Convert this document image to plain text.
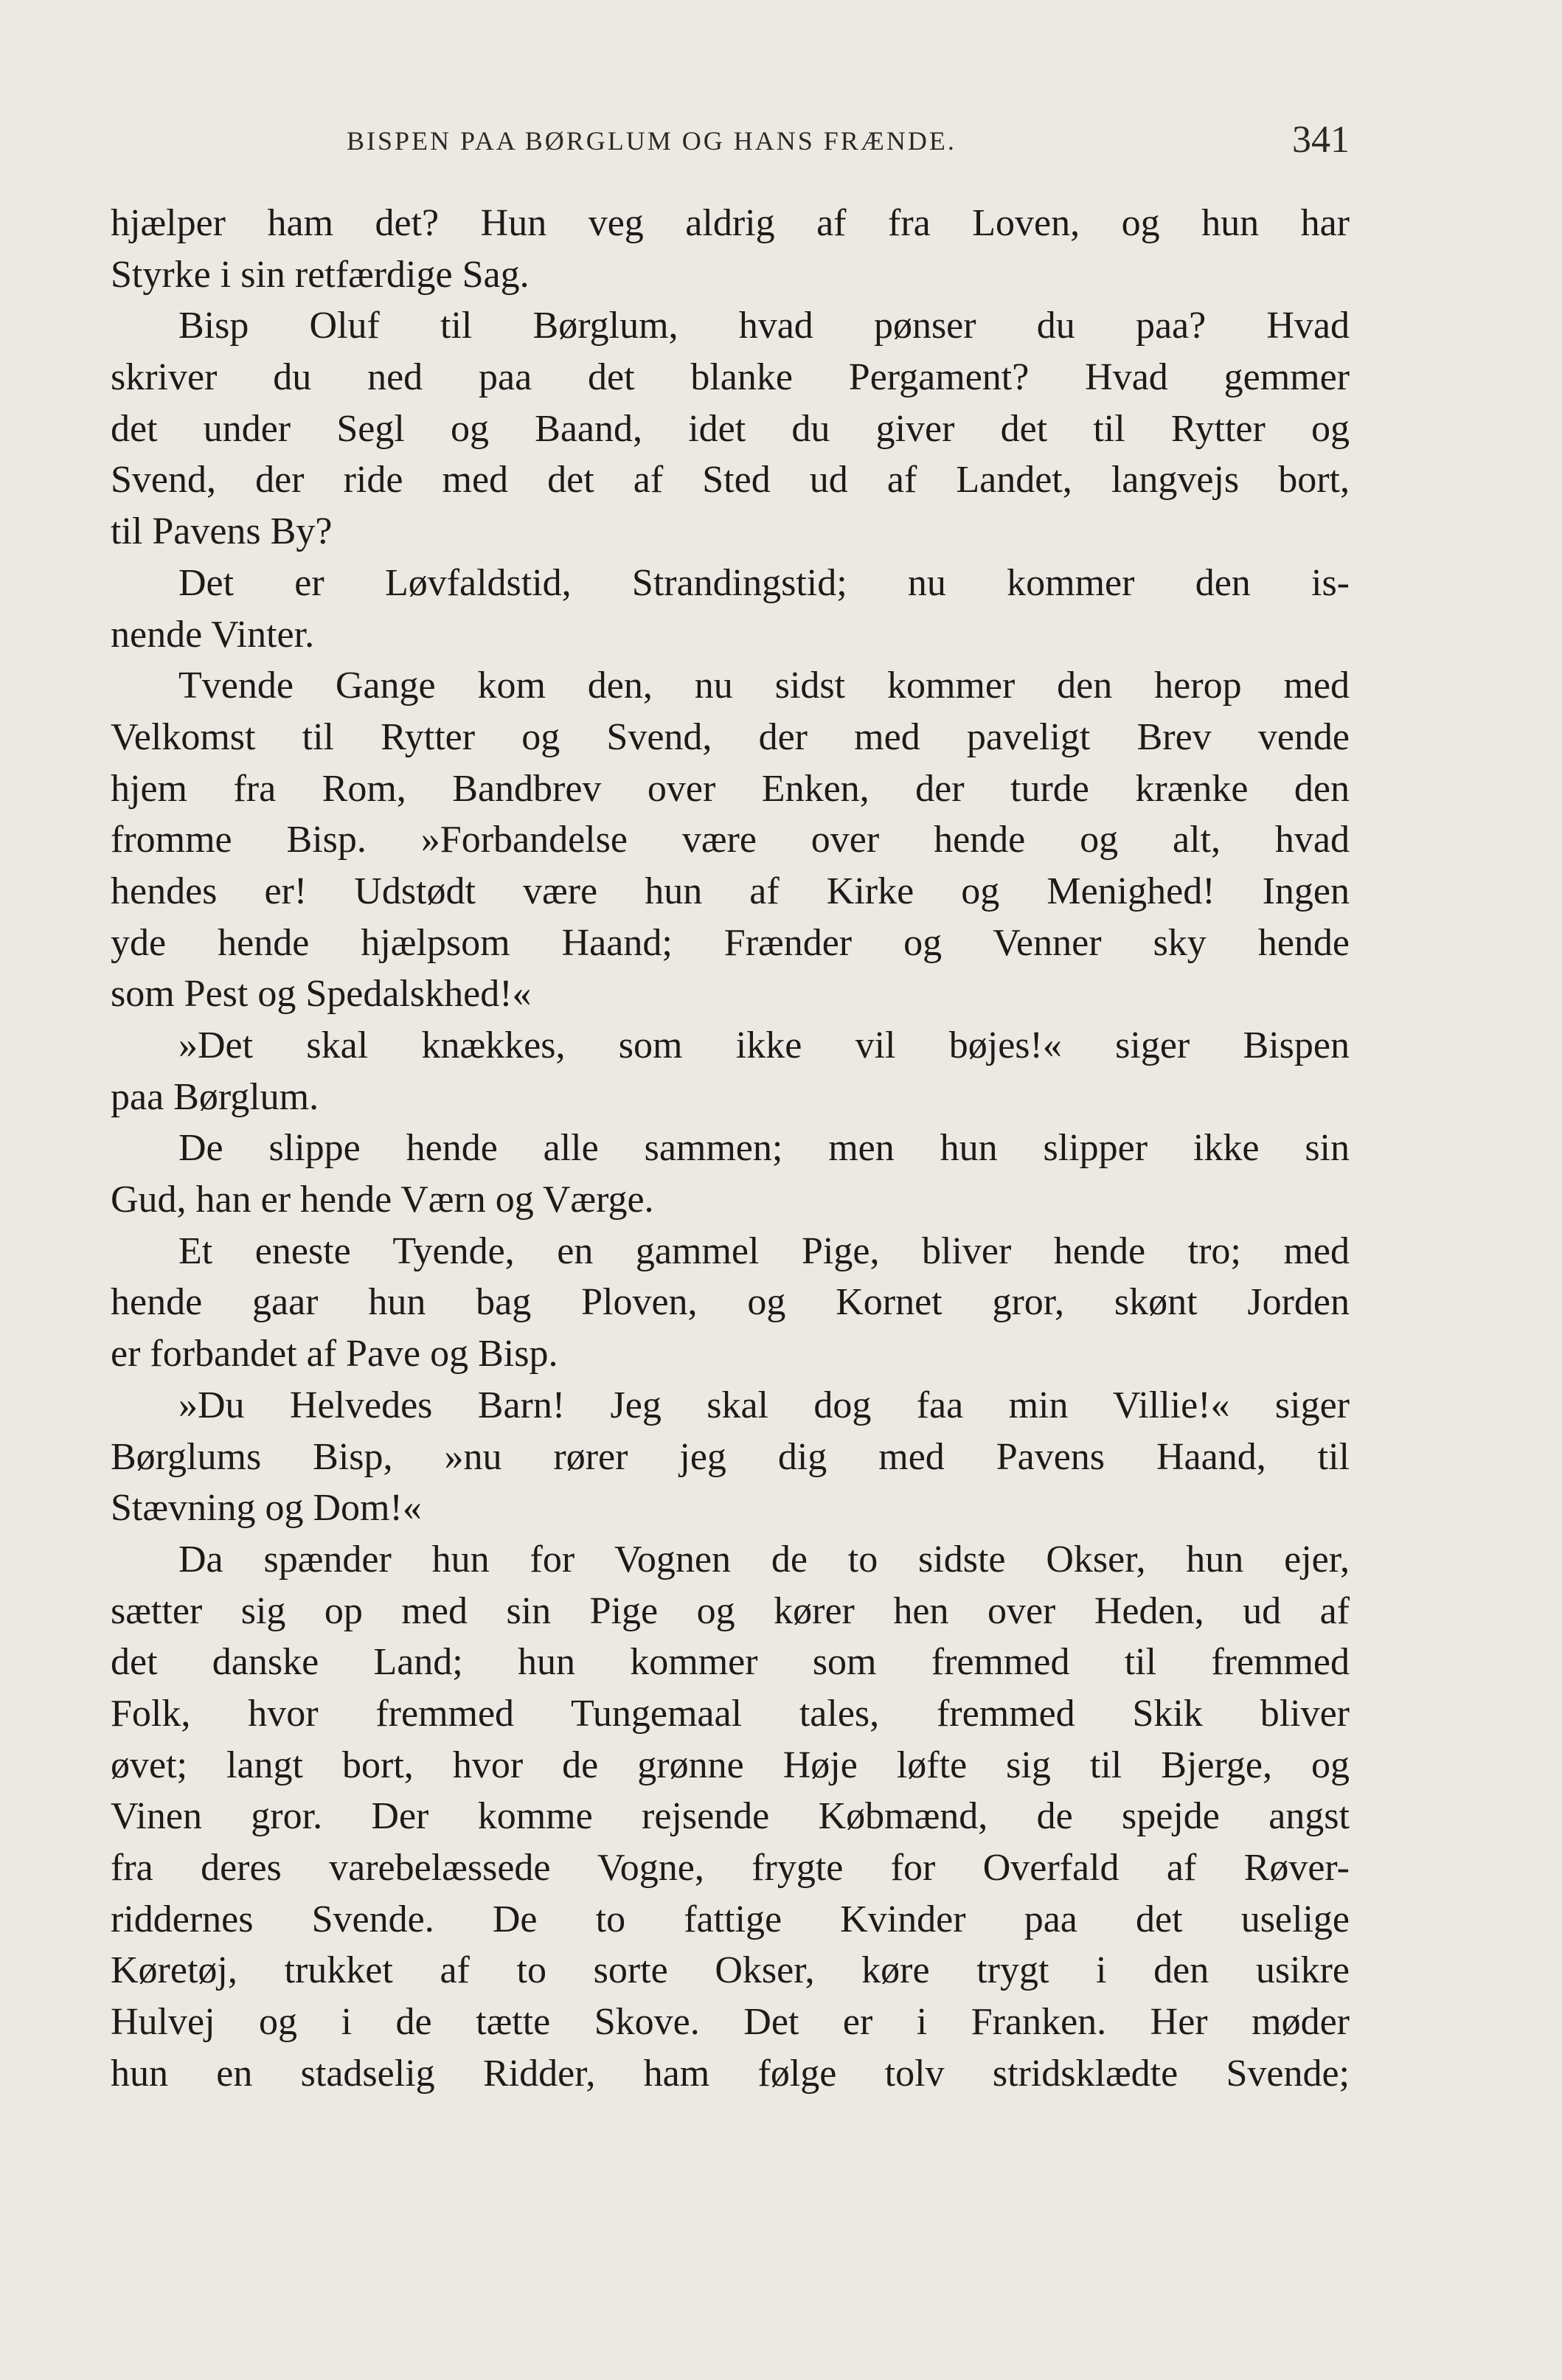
BISPEN PAA BØRGLUM OG HANS FRÆNDE.	341
hjælper ham det? Hun veg aldrig af fra Loven, og hun har
Styrke i sin retfærdige Sag.
Bisp Oluf til Børglum, hvad pønser du paa? Hvad
skriver du ned paa det blanke Pergament? Hvad gemmer
det under Segl og Baand, idet du giver det til Rytter og
Svend, der ride med det af Sted ud af Landet, langvejs bort,
til Pavens By?
Det er Løvfaldstid, Strandingstid; nu kommer den is-
nende Vinter.
Tvende Gange kom den, nu sidst kommer den herop med
Velkomst til Rytter og Svend, der med paveligt Brev vende
hjem fra Rom, Bandbrev over Enken, der turde krænke den
fromme Bisp. »Forbandelse være over hende og alt, hvad
hendes er! Udstødt være hun af Kirke og Menighed! Ingen
yde hende hjælpsom Haand; Frænder og Venner sky hende
som Pest og Spedalskhed!«
»Det skal knækkes, som ikke vil bøjes!« siger Bispen
paa Børglum.
De slippe hende alle sammen; men hun slipper ikke sin
Gud, han er hende Værn og Værge.
Et eneste Tyende, en gammel Pige, bliver hende tro; med
hende gaar hun bag Ploven, og Kornet gror, skønt Jorden
er forbandet af Pave og Bisp.
»Du Helvedes Barn! Jeg skal dog faa min Villie!« siger
Børglums Bisp, »nu rører jeg dig med Pavens Haand, til
Stævning og Dom!«
Da spænder hun for Vognen de to sidste Okser, hun ejer,
sætter sig op med sin Pige og kører hen over Heden, ud af
det danske Land; hun kommer som fremmed til fremmed
Folk, hvor fremmed Tungemaal tales, fremmed Skik bliver
øvet; langt bort, hvor de grønne Høje løfte sig til Bjerge, og
Vinen gror. Der komme rejsende Købmænd, de spejde angst
fra deres varebelæssede Vogne, frygte for Overfald af Røver-
riddernes Svende. De to fattige Kvinder paa det uselige
Køretøj, trukket af to sorte Okser, køre trygt i den usikre
Hulvej og i de tætte Skove. Det er i Franken. Her møder
hun en stadselig Ridder, ham følge tolv stridsklædte Svende;
